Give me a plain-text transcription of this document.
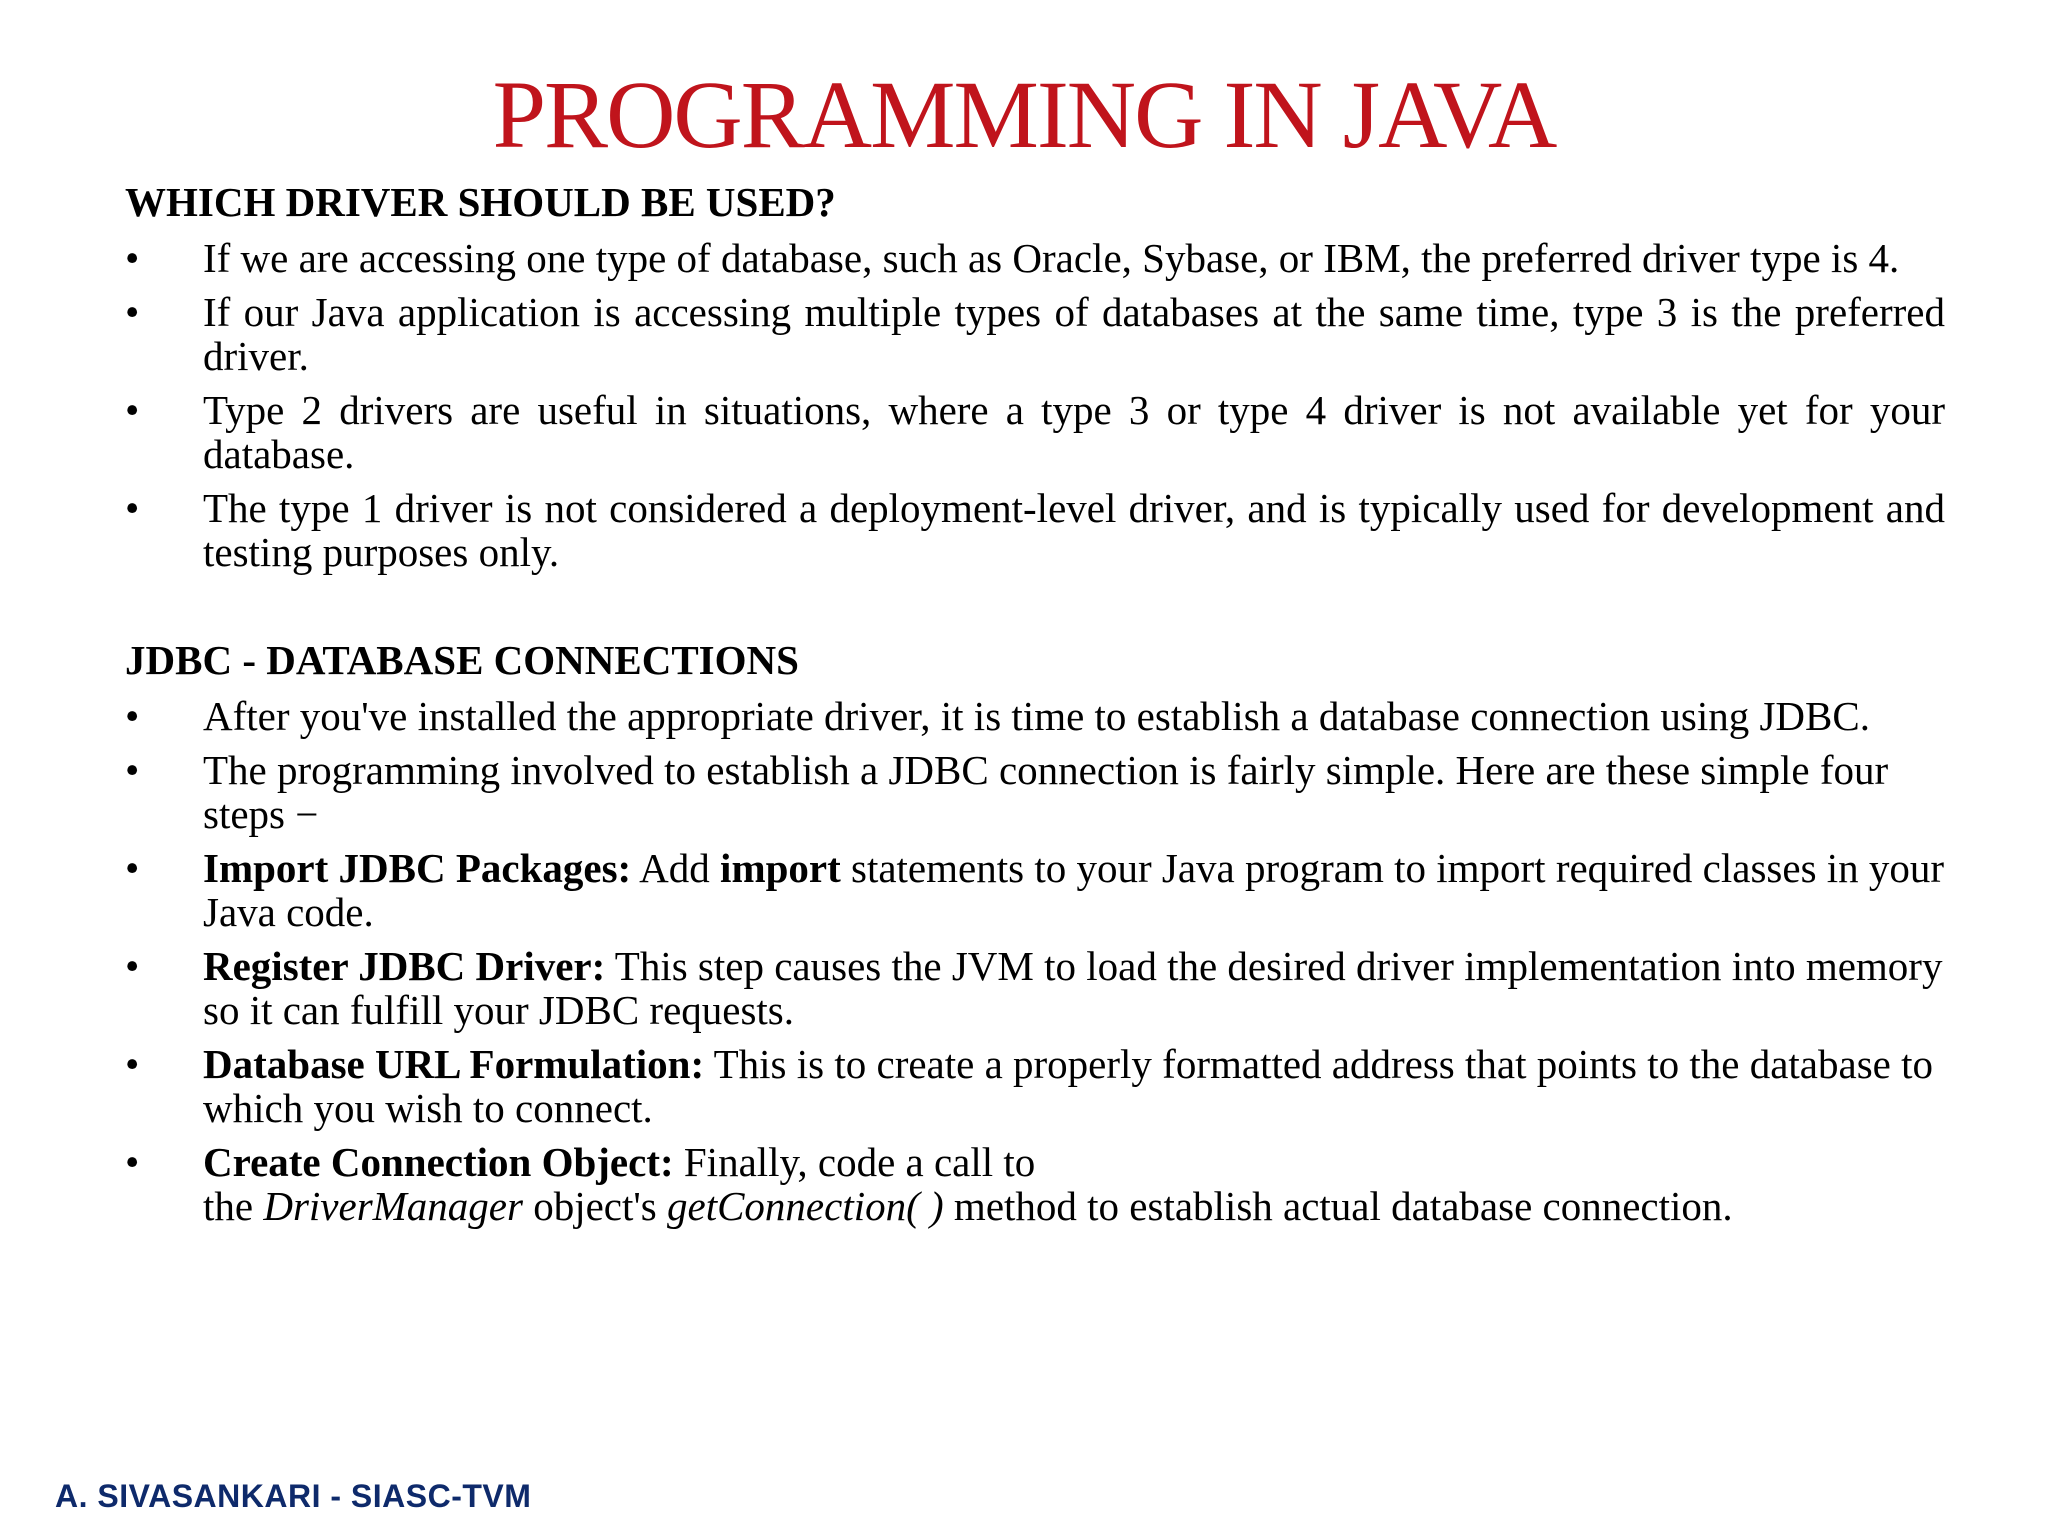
PROGRAMMING IN JAVA
WHICH DRIVER SHOULD BE USED?
•	If we are accessing one type of database, such as Oracle, Sybase, or IBM, the preferred driver type is 4.
•	If our Java application is accessing multiple types of databases at the same time, type 3 is the preferred driver.
•	Type 2 drivers are useful in situations, where a type 3 or type 4 driver is not available yet for your database.
•	The type 1 driver is not considered a deployment-level driver, and is typically used for development and testing purposes only.
JDBC - DATABASE CONNECTIONS
•	After you've installed the appropriate driver, it is time to establish a database connection using JDBC.
•	The programming involved to establish a JDBC connection is fairly simple. Here are these simple four steps −
•	Import JDBC Packages: Add import statements to your Java program to import required classes in your Java code.
•	Register JDBC Driver: This step causes the JVM to load the desired driver implementation into memory so it can fulfill your JDBC requests.
•	Database URL Formulation: This is to create a properly formatted address that points to the database to which you wish to connect.
•	Create Connection Object: Finally, code a call to
the DriverManager object's getConnection( ) method to establish actual database connection.
A. SIVASANKARI - SIASC-TVM
